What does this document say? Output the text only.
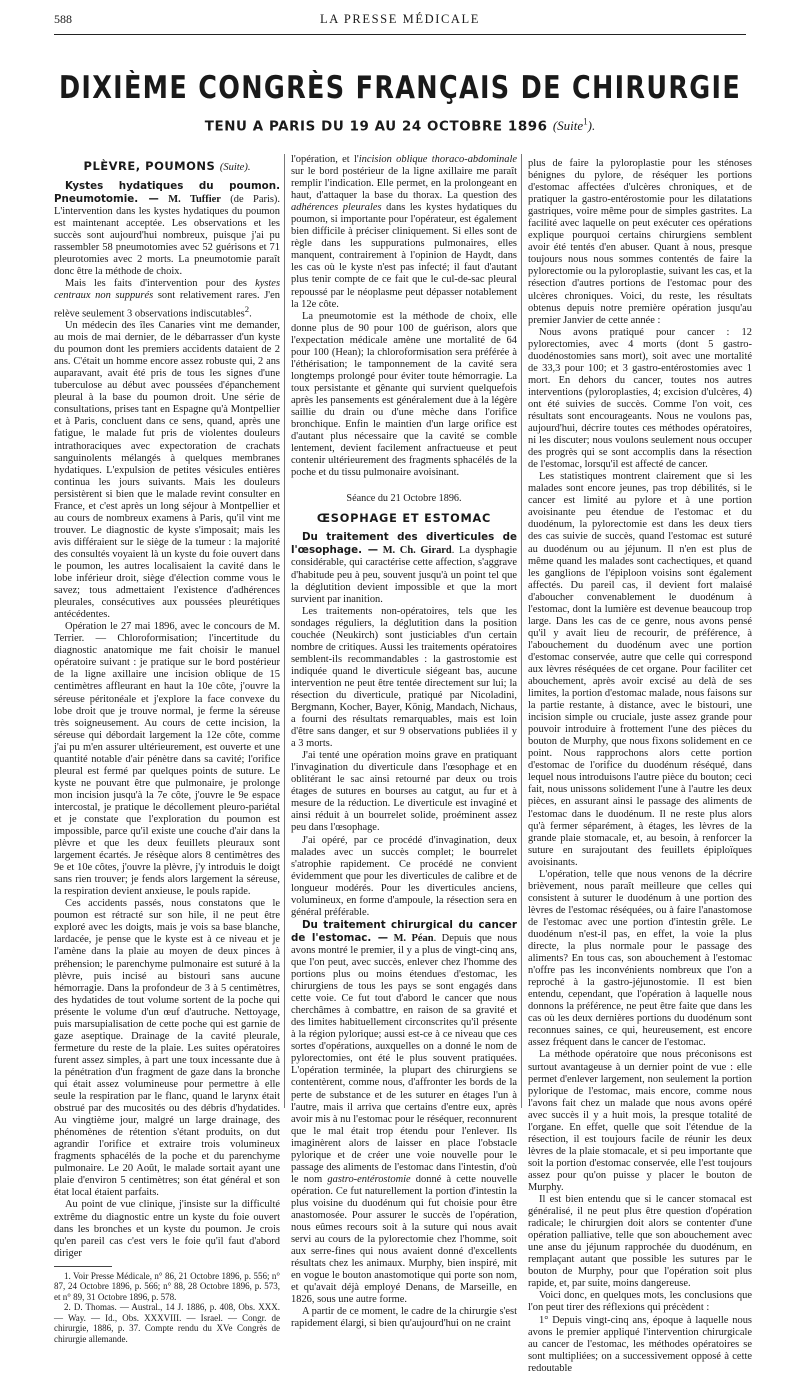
588	LA PRESSE MÉDICALE
DIXIÈME CONGRÈS FRANÇAIS DE CHIRURGIE
TENU A PARIS DU 19 AU 24 OCTOBRE 1896 (Suite$^1$).
PLÈVRE, POUMONS (Suite).

Kystes hydatiques du poumon. Pneumotomie. — M. Tuffier (de Paris). L'intervention dans les kystes hydatiques du poumon est maintenant acceptée. Les observations et les succès sont aujourd'hui nombreux, puisque j'ai pu rassembler 58 pneumotomies avec 52 guérisons et 71 pleurotomies avec 2 morts. La pneumotomie paraît donc être la méthode de choix.

Mais les faits d'intervention pour des kystes centraux non suppurés sont relativement rares. J'en relève seulement 3 observations indiscutables$^2$.

Un médecin des îles Canaries vint me demander, au mois de mai dernier, de le débarrasser d'un kyste du poumon dont les premiers accidents dataient de 2 ans. C'était un homme encore assez robuste qui, 2 ans auparavant, avait été pris de tous les signes d'une tuberculose au début avec poussées d'épanchement pleural à la base du poumon droit. Une série de consultations, prises tant en Espagne qu'à Montpellier et à Paris, concluent dans ce sens, quand, après une fatigue, le malade fut pris de violentes douleurs intrathoraciques avec expectoration de crachats sanguinolents mélangés à quelques membranes hydatiques. L'expulsion de petites vésicules entières continua les jours suivants. Mais les douleurs persistèrent si bien que le malade revint consulter en France, et c'est après un long séjour à Montpellier et au cours de nombreux examens à Paris, qu'il vint me trouver. Le diagnostic de kyste s'imposait; mais les avis différaient sur le siège de la tumeur : la majorité des consultés voyaient là un kyste du foie ouvert dans le poumon, les autres localisaient la cavité dans le lobe inférieur droit, siège d'élection comme vous le savez; tous admettaient l'existence d'adhérences pleurales, consécutives aux poussées pleurétiques antécédentes.

Opération le 27 mai 1896, avec le concours de M. Terrier. — Chloroformisation; l'incertitude du diagnostic anatomique me fait choisir le manuel opératoire suivant : je pratique sur le bord postérieur de la ligne axillaire une incision oblique de 15 centimètres affleurant en haut la 10e côte, j'ouvre la séreuse péritonéale et j'explore la face convexe du lobe droit que je trouve normal, je ferme la séreuse très soigneusement. Au cours de cette incision, la séreuse qui débordait largement la 12e côte, comme j'ai pu m'en assurer ultérieurement, est ouverte et une quantité notable d'air pénètre dans sa cavité; l'orifice pleural est fermé par quelques points de suture. Le kyste ne pouvant être que pulmonaire, je prolonge mon incision jusqu'à la 7e côte, j'ouvre le 9e espace intercostal, je pratique le décollement pleuro-pariétal et je constate que l'exploration du poumon est impossible, parce qu'il existe une couche d'air dans la plèvre et que les deux feuillets pleuraux sont largement écartés. Je résèque alors 8 centimètres des 9e et 10e côtes, j'ouvre la plèvre, j'y introduis le doigt sans rien trouver; je fends alors largement la séreuse, la respiration devient anxieuse, le pouls rapide.

Ces accidents passés, nous constatons que le poumon est rétracté sur son hile, il ne peut être exploré avec les doigts, mais je vois sa base blanche, lardacée, je pense que le kyste est à ce niveau et je l'amène dans la plaie au moyen de deux pinces à préhension; le parenchyme pulmonaire est suturé à la plèvre, puis incisé au bistouri sans aucune hémorragie. Dans la profondeur de 3 à 5 centimètres, des hydatides de tout volume sortent de la poche qui présente le volume d'un œuf d'autruche. Nettoyage, puis marsupialisation de cette poche qui est garnie de gaze aseptique. Drainage de la cavité pleurale, fermeture du reste de la plaie. Les suites opératoires furent assez simples, à part une toux incessante due à la pénétration d'un fragment de gaze dans la bronche qui était assez volumineuse pour permettre à elle seule la respiration par le flanc, quand le larynx était obstrué par des mucosités ou des débris d'hydatides. Au vingtième jour, malgré un large drainage, des phénomènes de rétention s'étant produits, on dut agrandir l'orifice et extraire trois volumineux fragments sphacélés de la poche et du parenchyme pulmonaire. Le 20 Août, le malade sortait ayant une plaie d'environ 5 centimètres; son état général et son état local étaient parfaits.

Au point de vue clinique, j'insiste sur la difficulté extrême du diagnostic entre un kyste du foie ouvert dans les bronches et un kyste du poumon. Je crois qu'en pareil cas c'est vers le foie qu'il faut d'abord diriger

1. Voir Presse Médicale, n° 86, 21 Octobre 1896, p. 556; n° 87, 24 Octobre 1896, p. 566; n° 88, 28 Octobre 1896, p. 573, et n° 89, 31 Octobre 1896, p. 578.

2. D. Thomas. — Austral., 14 J. 1886, p. 408, Obs. XXX. — Way. — Id., Obs. XXXVIII. — Israel. — Congr. de chirurgie, 1886, p. 37. Compte rendu du XVe Congrès de chirurgie allemande.

l'opération, et l'incision oblique thoraco-abdominale sur le bord postérieur de la ligne axillaire me paraît remplir l'indication. Elle permet, en la prolongeant en haut, d'attaquer la base du thorax. La question des adhérences pleurales dans les kystes hydatiques du poumon, si importante pour l'opérateur, est également bien difficile à préciser cliniquement. Si elles sont de règle dans les suppurations pulmonaires, elles manquent, contrairement à l'opinion de Haydt, dans les cas où le kyste n'est pas infecté; il faut d'autant plus tenir compte de ce fait que le cul-de-sac pleural repoussé par le néoplasme peut dépasser notablement la 12e côte.

La pneumotomie est la méthode de choix, elle donne plus de 90 pour 100 de guérison, alors que l'expectation médicale amène une mortalité de 64 pour 100 (Hean); la chloroformisation sera préférée à l'éthérisation; le tamponnement de la cavité sera longtemps prolongé pour éviter toute hémorragie. La toux persistante et gênante qui survient quelquefois après les pansements est généralement due à la légère saillie du drain ou d'une mèche dans l'orifice bronchique. Enfin le maintien d'un large orifice est d'autant plus nécessaire que la cavité se comble lentement, devient facilement anfractueuse et peut contenir ultérieurement des fragments sphacélés de la poche et du tissu pulmonaire avoisinant.

Séance du 21 Octobre 1896.
ŒSOPHAGE ET ESTOMAC

Du traitement des diverticules de l'œsophage. — M. Ch. Girard. La dysphagie considérable, qui caractérise cette affection, s'aggrave d'habitude peu à peu, souvent jusqu'à un point tel que la déglutition devient impossible et que la mort survient par inanition.

Les traitements non-opératoires, tels que les sondages réguliers, la déglutition dans la position couchée (Neukirch) sont justiciables d'un certain nombre de critiques. Aussi les traitements opératoires semblent-ils recommandables : la gastrostomie est indiquée quand le diverticule siégeant bas, aucune intervention ne peut être tentée directement sur lui; la résection du diverticule, pratiqué par Nicoladini, Bergmann, Kocher, Bayer, König, Mandach, Nichaus, a fourni des résultats remarquables, mais est loin d'être sans danger, et sur 9 observations publiées il y a 3 morts.

J'ai tenté une opération moins grave en pratiquant l'invagination du diverticule dans l'œsophage et en oblitérant le sac ainsi retourné par deux ou trois étages de sutures en bourses au catgut, au fur et à mesure de la réduction. Le diverticule est invaginé et ainsi réduit à un bourrelet solide, proéminent assez peu dans l'œsophage.

J'ai opéré, par ce procédé d'invagination, deux malades avec un succès complet; le bourrelet s'atrophie rapidement. Ce procédé ne convient évidemment que pour les diverticules de calibre et de longueur modérés. Pour les diverticules anciens, volumineux, en forme d'ampoule, la résection sera en général préférable.

Du traitement chirurgical du cancer de l'estomac. — M. Péan. Depuis que nous avons montré le premier, il y a plus de vingt-cinq ans, que l'on peut, avec succès, enlever chez l'homme des portions plus ou moins étendues d'estomac, les chirurgiens de tous les pays se sont engagés dans cette voie. Ce fut tout d'abord le cancer que nous cherchâmes à combattre, en raison de sa gravité et des limites habituellement circonscrites qu'il présente à la région pylorique; aussi est-ce à ce niveau que ces sortes d'opérations, auxquelles on a donné le nom de pylorectomies, ont été le plus souvent pratiquées. L'opération terminée, la plupart des chirurgiens se contentèrent, comme nous, d'affronter les bords de la perte de substance et de les suturer en étages l'un à l'autre, mais il arriva que certains d'entre eux, après avoir mis à nu l'estomac pour le réséquer, reconnurent que le mal était trop étendu pour l'enlever. Ils imaginèrent alors de laisser en place l'obstacle pylorique et de créer une voie nouvelle pour le passage des aliments de l'estomac dans l'intestin, d'où le nom gastro-entérostomie donné à cette nouvelle opération. Ce fut naturellement la portion d'intestin la plus voisine du duodénum qui fut choisie pour être anastomosée. Pour assurer le succès de l'opération, nous eûmes recours soit à la suture qui nous avait servi au cours de la pylorectomie chez l'homme, soit aux serre-fines qui nous avaient donné d'excellents résultats chez les animaux. Murphy, bien inspiré, mit en vogue le bouton anastomotique qui porte son nom, et qu'avait déjà employé Denans, de Marseille, en 1826, sous une autre forme.

A partir de ce moment, le cadre de la chirurgie s'est rapidement élargi, si bien qu'aujourd'hui on ne craint

plus de faire la pyloroplastie pour les sténoses bénignes du pylore, de réséquer les portions d'estomac affectées d'ulcères chroniques, et de pratiquer la gastro-entérostomie pour les dilatations gastriques, voire même pour de simples gastrites. La facilité avec laquelle on peut exécuter ces opérations explique pourquoi certains chirurgiens semblent avoir été tentés d'en abuser. Quant à nous, presque toujours nous nous sommes contentés de faire la pylorectomie ou la pyloroplastie, suivant les cas, et la résection d'autres portions de l'estomac pour des ulcères chroniques. Voici, du reste, les résultats obtenus depuis notre première opération jusqu'au premier Janvier de cette année :

Nous avons pratiqué pour cancer : 12 pylorectomies, avec 4 morts (dont 5 gastro-duodénostomies sans mort), soit avec une mortalité de 33,3 pour 100; et 3 gastro-entérostomies avec 1 mort. En dehors du cancer, toutes nos autres interventions (pyloroplasties, 4; excision d'ulcères, 4) ont été suivies de succès. Comme l'on voit, ces résultats sont encourageants. Nous ne voulons pas, aujourd'hui, décrire toutes ces méthodes opératoires, ni les discuter; nous voulons seulement nous occuper des progrès qui se sont accomplis dans la résection de l'estomac, lorsqu'il est affecté de cancer.

Les statistiques montrent clairement que si les malades sont encore jeunes, pas trop débilités, si le cancer est limité au pylore et à une portion avoisinante peu étendue de l'estomac et du duodénum, la pylorectomie est dans les deux tiers des cas suivie de succès, quand l'estomac est suturé au duodénum ou au jéjunum. Il n'en est plus de même quand les malades sont cachectiques, et quand les ganglions de l'épiploon voisins sont également affectés. Du pareil cas, il devient fort malaisé d'aboucher convenablement le duodénum à l'estomac, dont la lumière est devenue beaucoup trop large. Dans les cas de ce genre, nous avons pensé qu'il y avait lieu de recourir, de préférence, à l'abouchement du duodénum avec une portion d'estomac conservée, autre que celle qui correspond aux lèvres réséquées de cet organe. Pour faciliter cet abouchement, après avoir excisé au delà de ses limites, la portion d'estomac malade, nous faisons sur la partie restante, à distance, avec le bistouri, une incision simple ou cruciale, juste assez grande pour pouvoir introduire à frottement l'une des pièces du bouton de Murphy, que nous fixons solidement en ce point. Nous rapprochons alors cette portion d'estomac de l'orifice du duodénum réséqué, dans lequel nous introduisons l'autre pièce du bouton; ceci fait, nous unissons solidement l'une à l'autre les deux pièces, en assurant ainsi le passage des aliments de l'estomac dans le duodénum. Il ne reste plus alors qu'à fermer séparément, à étages, les lèvres de la grande plaie stomacale, et, au besoin, à renforcer la suture en surajoutant des feuillets épiploïques avoisinants.

L'opération, telle que nous venons de la décrire brièvement, nous paraît meilleure que celles qui consistent à suturer le duodénum à une portion des lèvres de l'estomac réséquées, ou à faire l'anastomose de l'estomac avec une portion d'intestin grêle. Le duodénum n'est-il pas, en effet, la voie la plus directe, la plus normale pour le passage des aliments? En tous cas, son abouchement à l'estomac n'offre pas les inconvénients nombreux que l'on a reproché à la gastro-jéjunostomie. Il est bien entendu, cependant, que l'opération à laquelle nous donnons la préférence, ne peut être faite que dans les cas où les deux dernières portions du duodénum sont reconnues saines, ce qui, heureusement, est encore assez fréquent dans le cancer de l'estomac.

La méthode opératoire que nous préconisons est surtout avantageuse à un dernier point de vue : elle permet d'enlever largement, non seulement la portion pylorique de l'estomac, mais encore, comme nous l'avons fait chez un malade que nous avons opéré avec succès il y a huit mois, la presque totalité de l'organe. En effet, quelle que soit l'étendue de la résection, il est toujours facile de réunir les deux lèvres de la plaie stomacale, et si peu importante que soit la portion d'estomac conservée, elle l'est toujours assez pour qu'on puisse y placer le bouton de Murphy.

Il est bien entendu que si le cancer stomacal est généralisé, il ne peut plus être question d'opération radicale; le chirurgien doit alors se contenter d'une opération palliative, telle que son abouchement avec une anse du jéjunum rapprochée du duodénum, en remplaçant autant que possible les sutures par le bouton de Murphy, pour que l'opération soit plus rapide, et, par suite, moins dangereuse.

Voici donc, en quelques mots, les conclusions que l'on peut tirer des réflexions qui précèdent :

1° Depuis vingt-cinq ans, époque à laquelle nous avons le premier appliqué l'intervention chirurgicale au cancer de l'estomac, les méthodes opératoires se sont multipliées; on a successivement opposé à cette redoutable
